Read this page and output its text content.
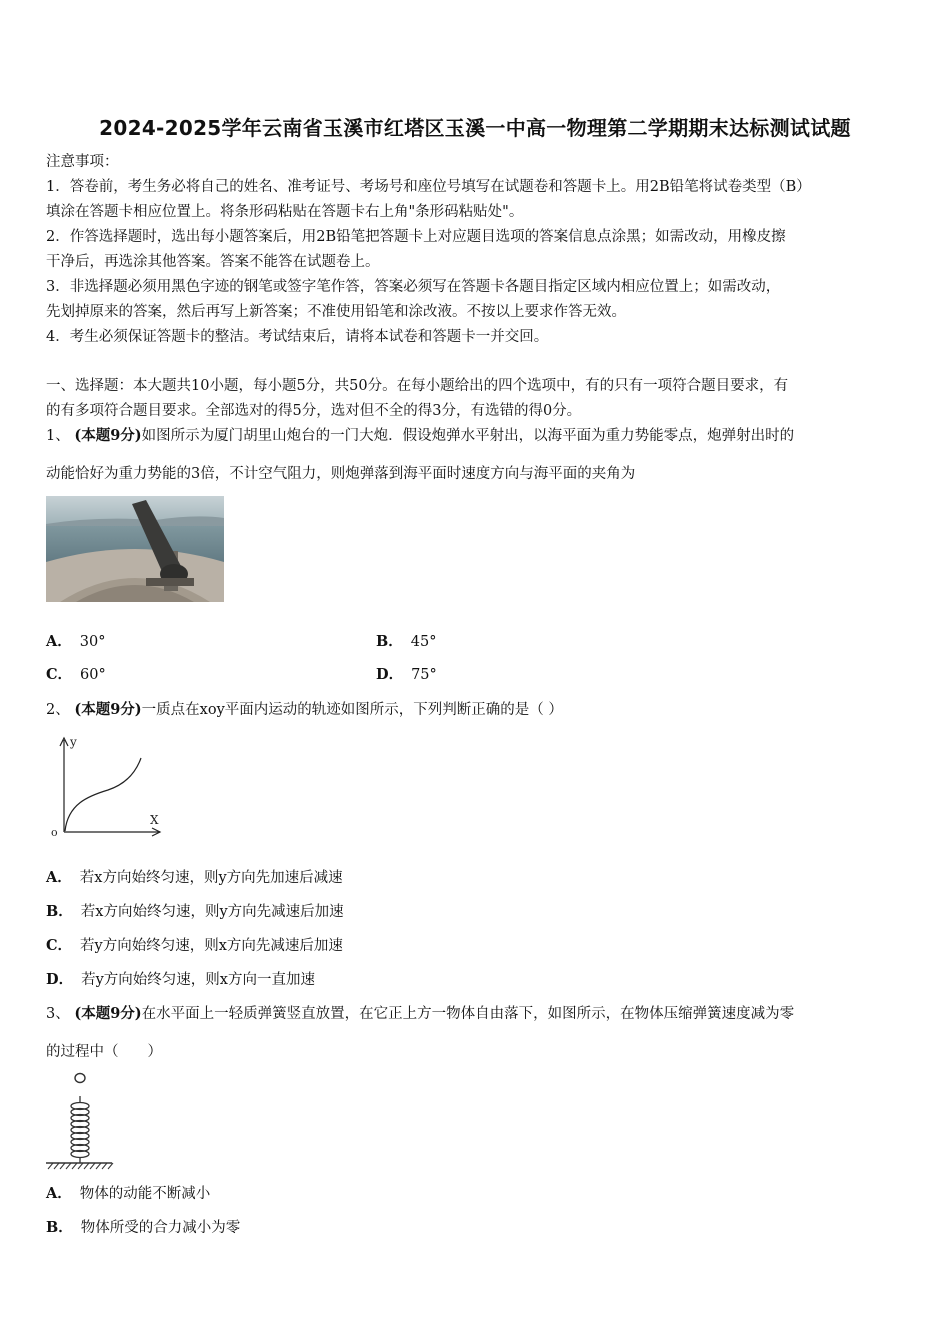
2024-2025学年云南省玉溪市红塔区玉溪一中高一物理第二学期期末达标测试试题
注意事项：
1．答卷前，考生务必将自己的姓名、准考证号、考场号和座位号填写在试题卷和答题卡上。用2B铅笔将试卷类型（B）
填涂在答题卡相应位置上。将条形码粘贴在答题卡右上角"条形码粘贴处"。
2．作答选择题时，选出每小题答案后，用2B铅笔把答题卡上对应题目选项的答案信息点涂黑；如需改动，用橡皮擦
干净后，再选涂其他答案。答案不能答在试题卷上。
3．非选择题必须用黑色字迹的钢笔或签字笔作答，答案必须写在答题卡各题目指定区域内相应位置上；如需改动，
先划掉原来的答案，然后再写上新答案；不准使用铅笔和涂改液。不按以上要求作答无效。
4．考生必须保证答题卡的整洁。考试结束后，请将本试卷和答题卡一并交回。
一、选择题：本大题共10小题，每小题5分，共50分。在每小题给出的四个选项中，有的只有一项符合题目要求，有
的有多项符合题目要求。全部选对的得5分，选对但不全的得3分，有选错的得0分。
1、 (本题9分)如图所示为厦门胡里山炮台的一门大炮．假设炮弹水平射出，以海平面为重力势能零点，炮弹射出时的
动能恰好为重力势能的3倍，不计空气阻力，则炮弹落到海平面时速度方向与海平面的夹角为
A． 30°	B． 45°
C． 60°	D． 75°
2、 (本题9分)一质点在xoy平面内运动的轨迹如图所示，下列判断正确的是（ ）
y
X
o
A． 若x方向始终匀速，则y方向先加速后减速
B． 若x方向始终匀速，则y方向先减速后加速
C． 若y方向始终匀速，则x方向先减速后加速
D． 若y方向始终匀速，则x方向一直加速
3、 (本题9分)在水平面上一轻质弹簧竖直放置，在它正上方一物体自由落下，如图所示，在物体压缩弹簧速度减为零
的过程中（　　）
A． 物体的动能不断减小
B． 物体所受的合力减小为零
